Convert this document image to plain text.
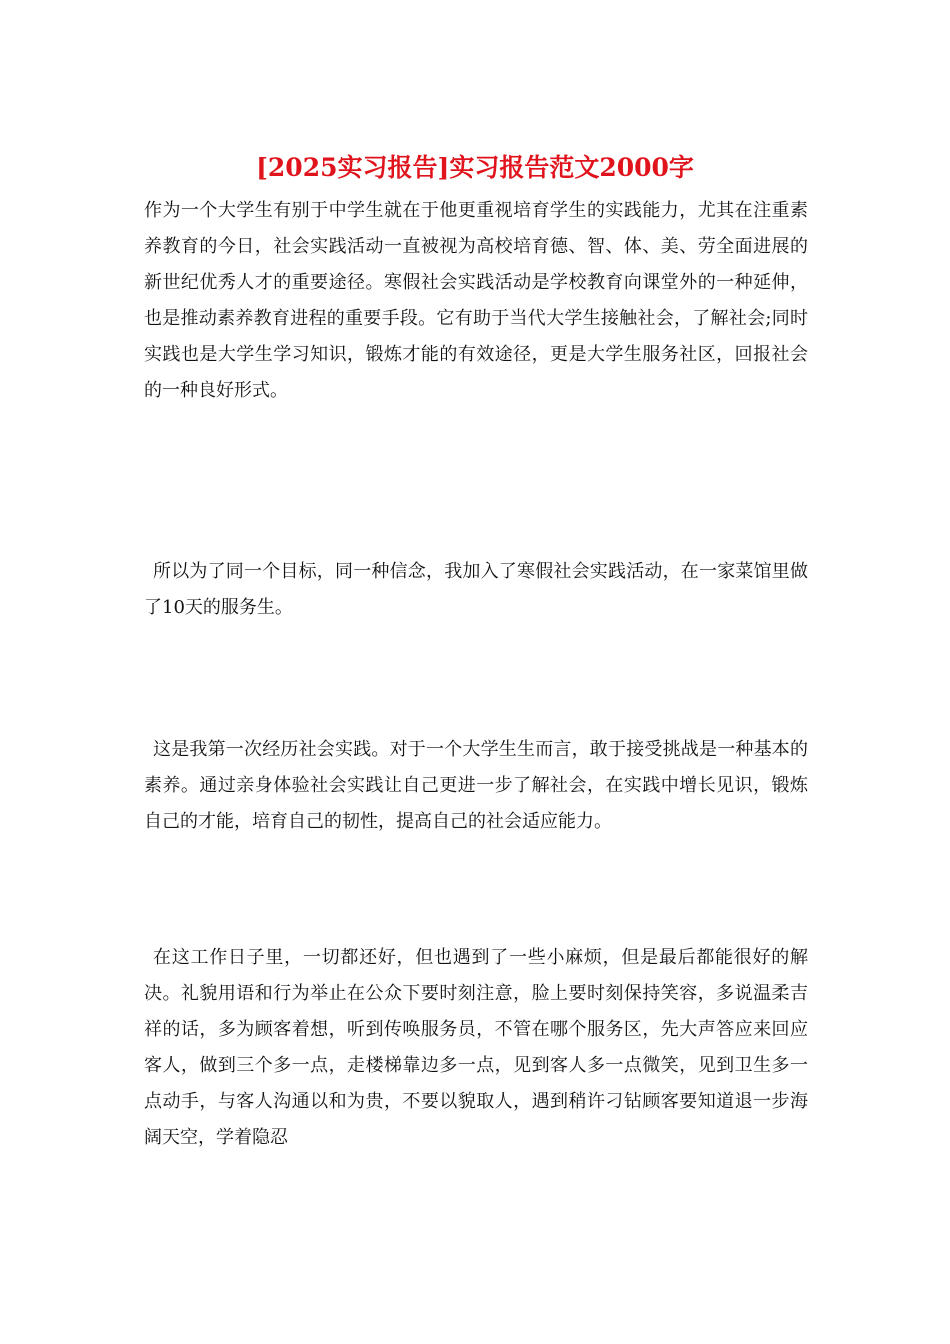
[2025实习报告]实习报告范文2000字

作为一个大学生有别于中学生就在于他更重视培育学生的实践能力，尤其在注重素养教育的今日，社会实践活动一直被视为高校培育德、智、体、美、劳全面进展的新世纪优秀人才的重要途径。寒假社会实践活动是学校教育向课堂外的一种延伸，也是推动素养教育进程的重要手段。它有助于当代大学生接触社会，了解社会;同时实践也是大学生学习知识，锻炼才能的有效途径，更是大学生服务社区，回报社会的一种良好形式。

所以为了同一个目标，同一种信念，我加入了寒假社会实践活动，在一家菜馆里做了10天的服务生。

这是我第一次经历社会实践。对于一个大学生生而言，敢于接受挑战是一种基本的素养。通过亲身体验社会实践让自己更进一步了解社会，在实践中增长见识，锻炼自己的才能，培育自己的韧性，提高自己的社会适应能力。

在这工作日子里，一切都还好，但也遇到了一些小麻烦，但是最后都能很好的解决。礼貌用语和行为举止在公众下要时刻注意，脸上要时刻保持笑容，多说温柔吉祥的话，多为顾客着想，听到传唤服务员，不管在哪个服务区，先大声答应来回应客人，做到三个多一点，走楼梯靠边多一点，见到客人多一点微笑，见到卫生多一点动手，与客人沟通以和为贵，不要以貌取人，遇到稍许刁钻顾客要知道退一步海阔天空，学着隐忍
